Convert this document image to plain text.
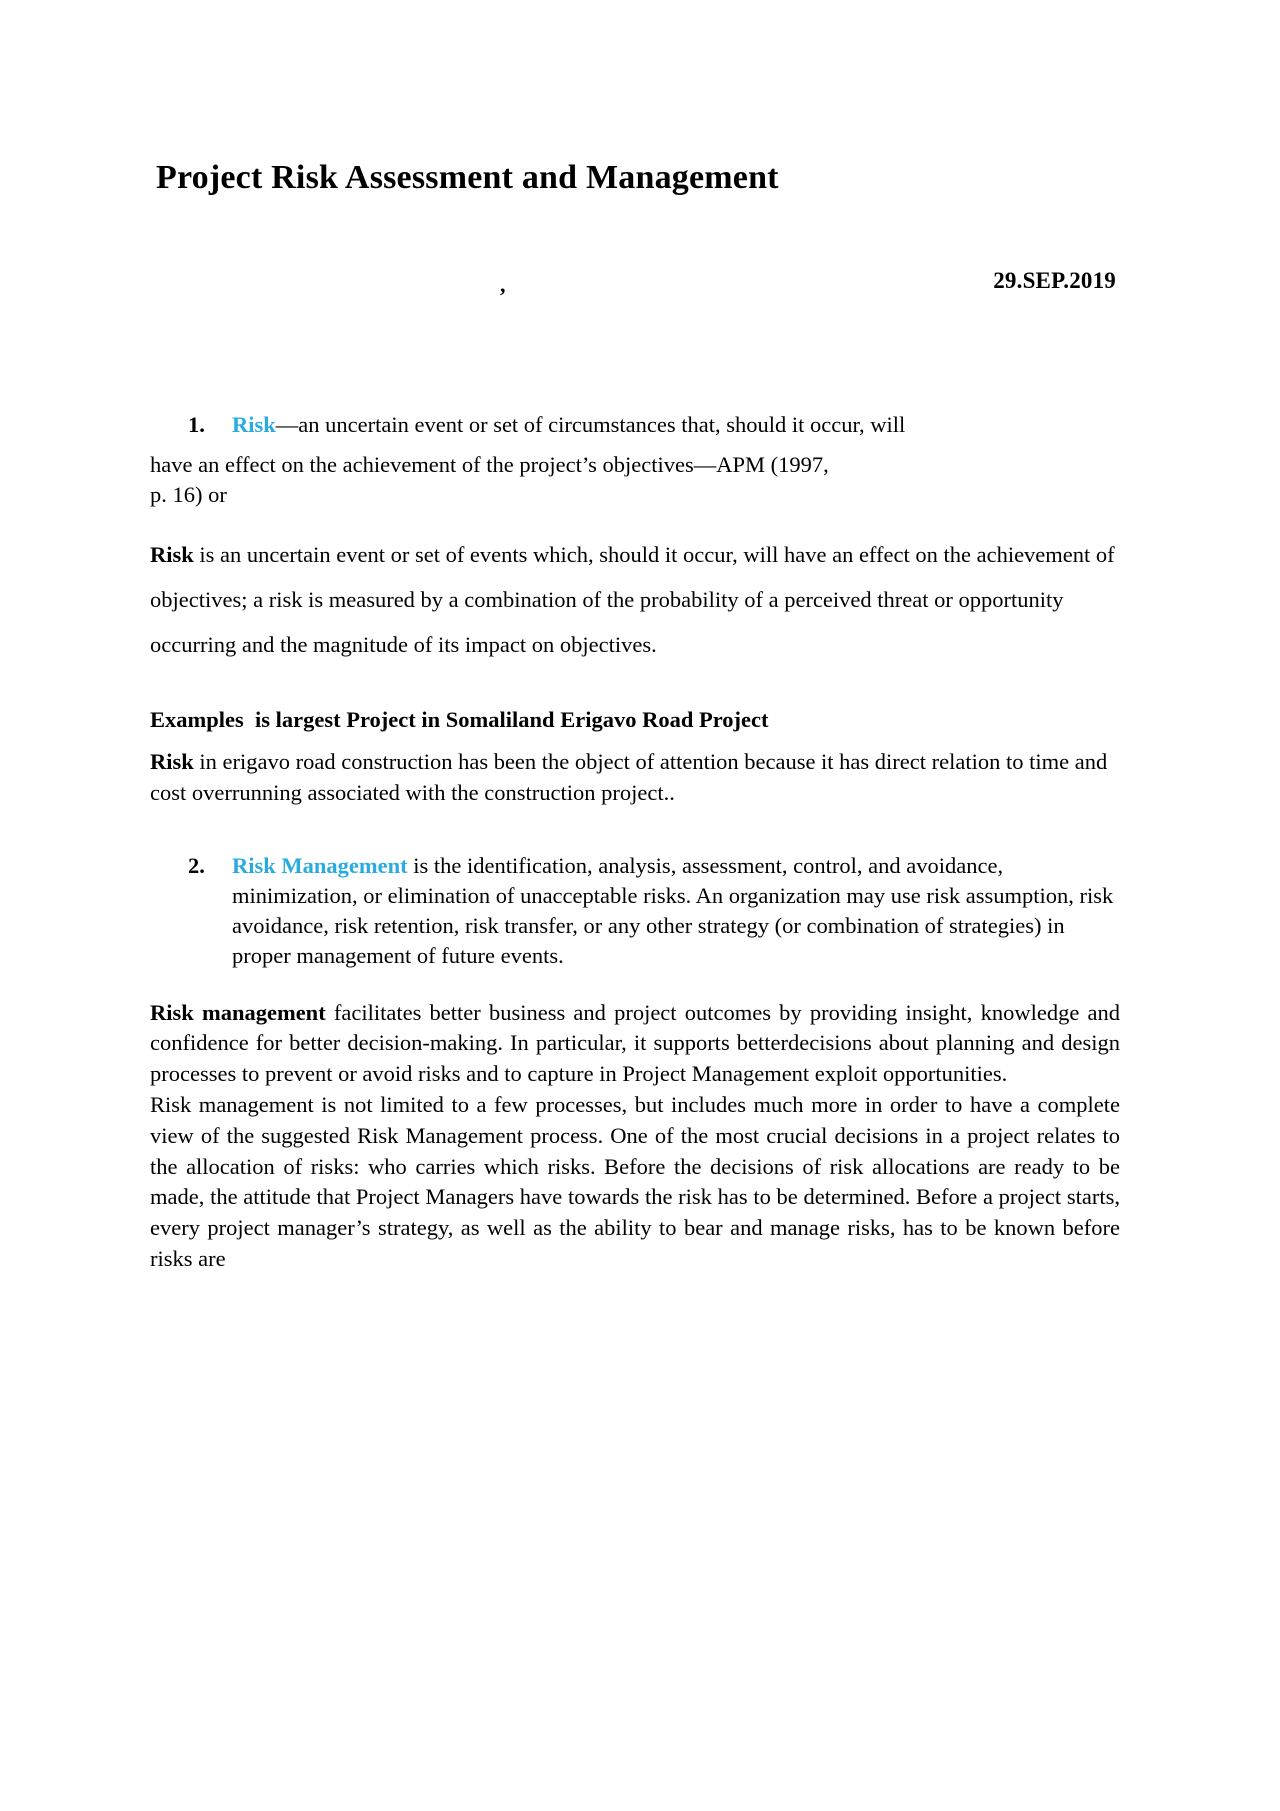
Project Risk Assessment and Management
,	29.SEP.2019

1. Risk—an uncertain event or set of circumstances that, should it occur, will

have an effect on the achievement of the project’s objectives—APM (1997,

p. 16) or

Risk is an uncertain event or set of events which, should it occur, will have an effect on the achievement of objectives; a risk is measured by a combination of the probability of a perceived threat or opportunity occurring and the magnitude of its impact on objectives.

Examples  is largest Project in Somaliland Erigavo Road Project

Risk in erigavo road construction has been the object of attention because it has direct relation to time and cost overrunning associated with the construction project..

2. Risk Management is the identification, analysis, assessment, control, and avoidance, minimization, or elimination of unacceptable risks. An organization may use risk assumption, risk avoidance, risk retention, risk transfer, or any other strategy (or combination of strategies) in proper management of future events.

Risk management facilitates better business and project outcomes by providing insight, knowledge and confidence for better decision-making. In particular, it supports betterdecisions about planning and design processes to prevent or avoid risks and to capture in Project Management exploit opportunities.

Risk management is not limited to a few processes, but includes much more in order to have a complete view of the suggested Risk Management process. One of the most crucial decisions in a project relates to the allocation of risks: who carries which risks. Before the decisions of risk allocations are ready to be made, the attitude that Project Managers have towards the risk has to be determined. Before a project starts, every project manager’s strategy, as well as the ability to bear and manage risks, has to be known before risks are
